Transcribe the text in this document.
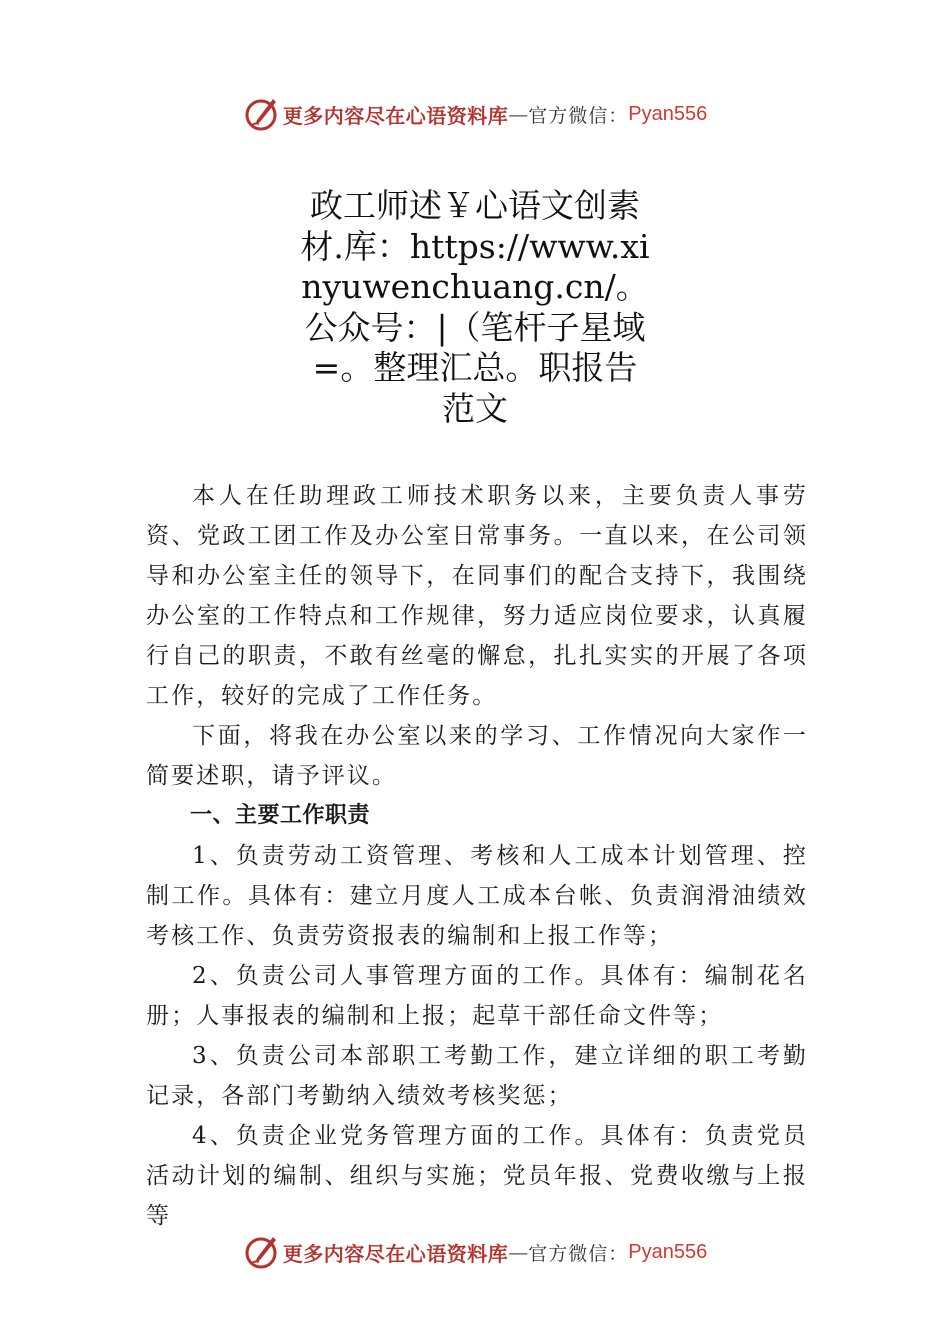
更多内容尽在心语资料库 — 官方微信： Pyan556
政工师述￥心语文创素材.库：https://www.xinyuwenchuang.cn/。公众号：|（笔杆子星域=。整理汇总。职报告范文

本人在任助理政工师技术职务以来，主要负责人事劳资、党政工团工作及办公室日常事务。一直以来，在公司领导和办公室主任的领导下，在同事们的配合支持下，我围绕办公室的工作特点和工作规律，努力适应岗位要求，认真履行自己的职责，不敢有丝毫的懈怠，扎扎实实的开展了各项工作，较好的完成了工作任务。

下面，将我在办公室以来的学习、工作情况向大家作一简要述职，请予评议。

一、主要工作职责

1、负责劳动工资管理、考核和人工成本计划管理、控制工作。具体有：建立月度人工成本台帐、负责润滑油绩效考核工作、负责劳资报表的编制和上报工作等；

2、负责公司人事管理方面的工作。具体有：编制花名册；人事报表的编制和上报；起草干部任命文件等；

3、负责公司本部职工考勤工作，建立详细的职工考勤记录，各部门考勤纳入绩效考核奖惩；

4、负责企业党务管理方面的工作。具体有：负责党员活动计划的编制、组织与实施；党员年报、党费收缴与上报等

更多内容尽在心语资料库 — 官方微信： Pyan556
